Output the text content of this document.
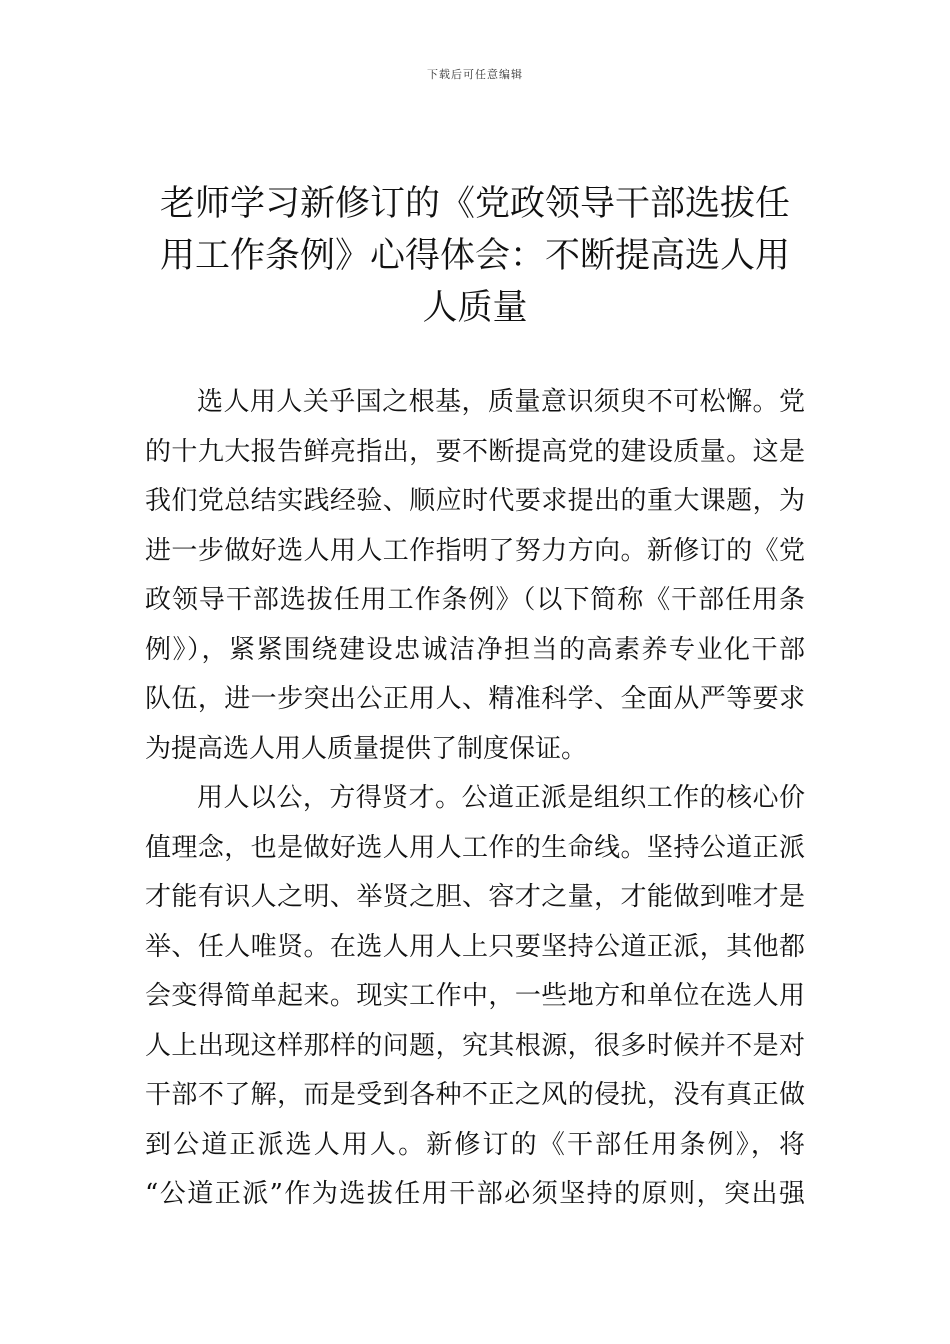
下载后可任意编辑
老师学习新修订的《党政领导干部选拔任
用工作条例》心得体会：不断提高选人用
人质量
选人用人关乎国之根基，质量意识须臾不可松懈。党
的十九大报告鲜亮指出，要不断提高党的建设质量。这是
我们党总结实践经验、顺应时代要求提出的重大课题，为
进一步做好选人用人工作指明了努力方向。新修订的《党
政领导干部选拔任用工作条例》（以下简称《干部任用条
例》），紧紧围绕建设忠诚洁净担当的高素养专业化干部
队伍，进一步突出公正用人、精准科学、全面从严等要求
为提高选人用人质量提供了制度保证。
用人以公，方得贤才。公道正派是组织工作的核心价
值理念，也是做好选人用人工作的生命线。坚持公道正派
才能有识人之明、举贤之胆、容才之量，才能做到唯才是
举、任人唯贤。在选人用人上只要坚持公道正派，其他都
会变得简单起来。现实工作中，一些地方和单位在选人用
人上出现这样那样的问题，究其根源，很多时候并不是对
干部不了解，而是受到各种不正之风的侵扰，没有真正做
到公道正派选人用人。新修订的《干部任用条例》，将
“公道正派”作为选拔任用干部必须坚持的原则，突出强
